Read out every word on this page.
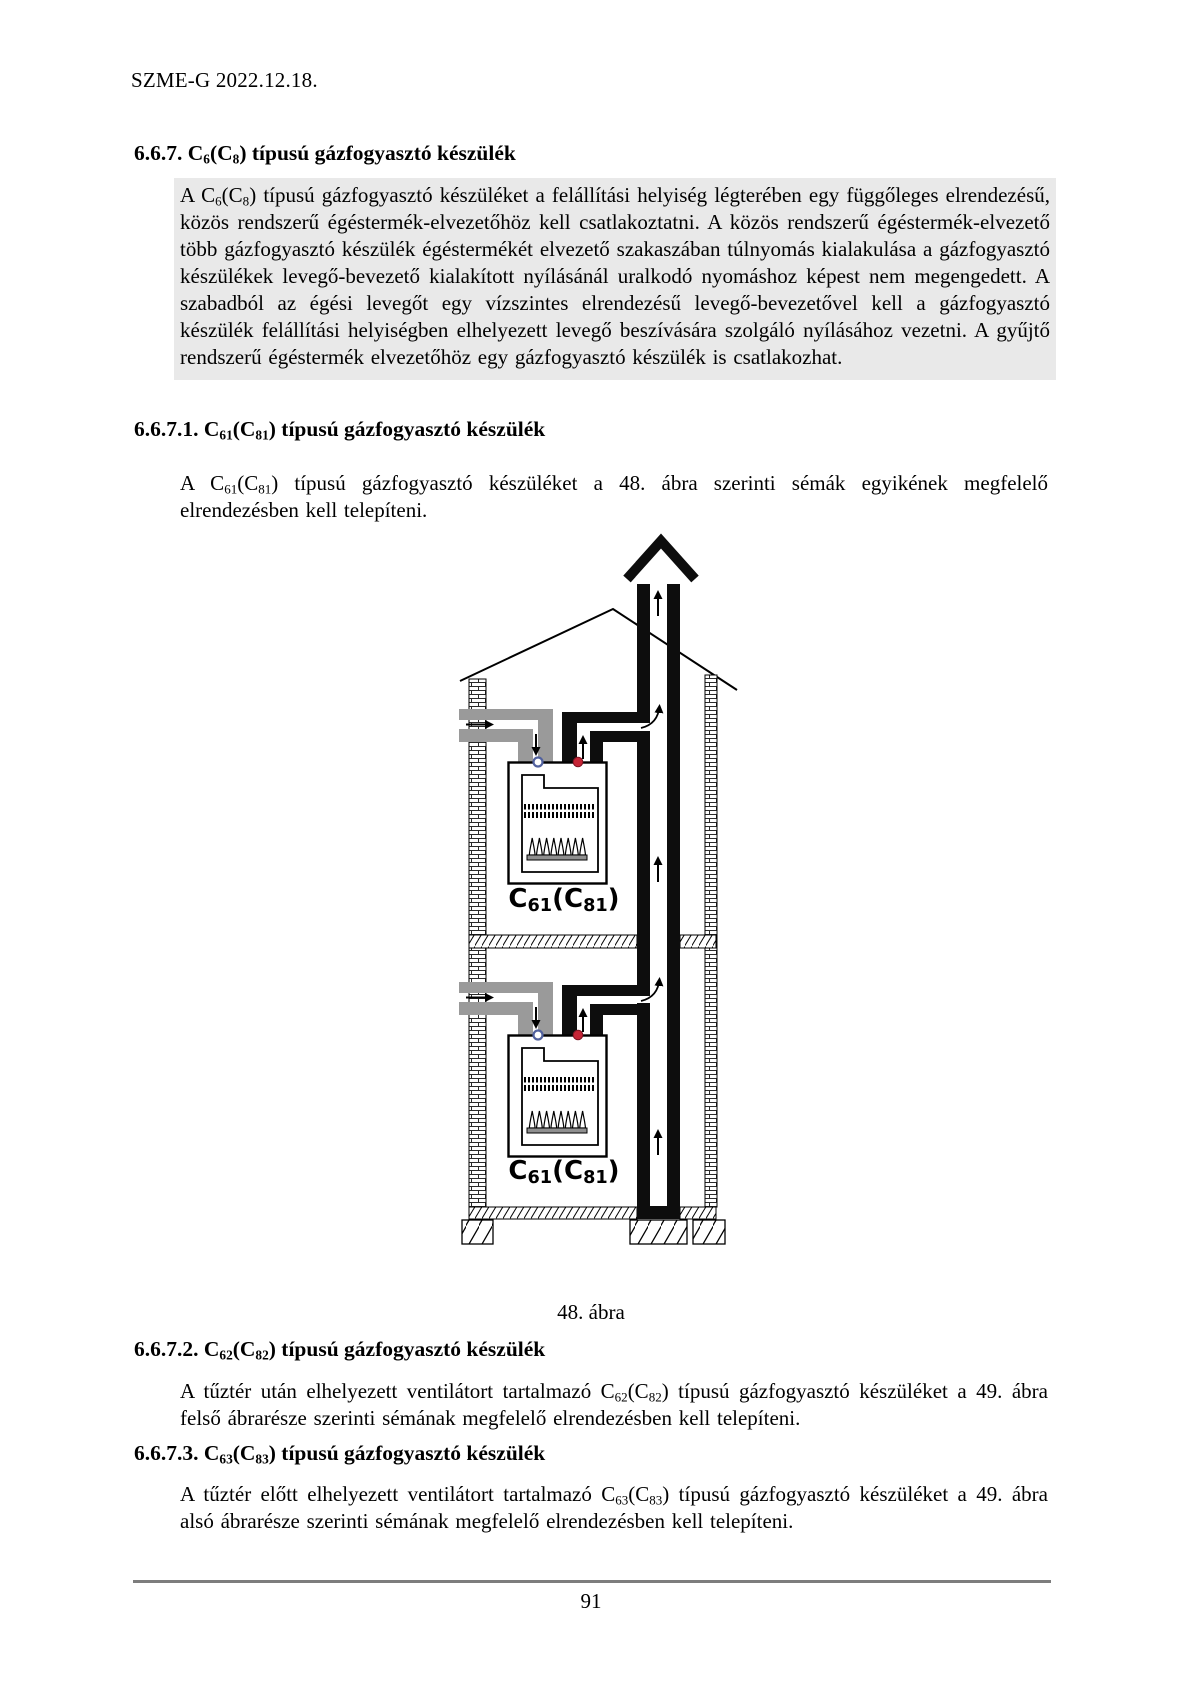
SZME-G 2022.12.18.
6.6.7. $C_6(C_8)$ típusú gázfogyasztó készülék
A $C_6(C_8)$ típusú gázfogyasztó készüléket a felállítási helyiség légterében egy függőleges elrendezésű, közös rendszerű égéstermék-elvezetőhöz kell csatlakoztatni. A közös rendszerű égéstermék-elvezető több gázfogyasztó készülék égéstermékét elvezető szakaszában túlnyomás kialakulása a gázfogyasztó készülékek levegő-bevezető kialakított nyílásánál uralkodó nyomáshoz képest nem megengedett. A szabadból az égési levegőt egy vízszintes elrendezésű levegő-bevezetővel kell a gázfogyasztó készülék felállítási helyiségben elhelyezett levegő beszívására szolgáló nyílásához vezetni. A gyűjtő rendszerű égéstermék elvezetőhöz egy gázfogyasztó készülék is csatlakozhat.
6.6.7.1. $C_{61}(C_{81})$ típusú gázfogyasztó készülék
A $C_{61}(C_{81})$ típusú gázfogyasztó készüléket a 48. ábra szerinti sémák egyikének megfelelő elrendezésben kell telepíteni.
$C_{61}(C_{81})$
$C_{61}(C_{81})$
48. ábra
6.6.7.2. $C_{62}(C_{82})$ típusú gázfogyasztó készülék
A tűztér után elhelyezett ventilátort tartalmazó $C_{62}(C_{82})$ típusú gázfogyasztó készüléket a 49. ábra felső ábrarésze szerinti sémának megfelelő elrendezésben kell telepíteni.
6.6.7.3. $C_{63}(C_{83})$ típusú gázfogyasztó készülék
A tűztér előtt elhelyezett ventilátort tartalmazó $C_{63}(C_{83})$ típusú gázfogyasztó készüléket a 49. ábra alsó ábrarésze szerinti sémának megfelelő elrendezésben kell telepíteni.
91
